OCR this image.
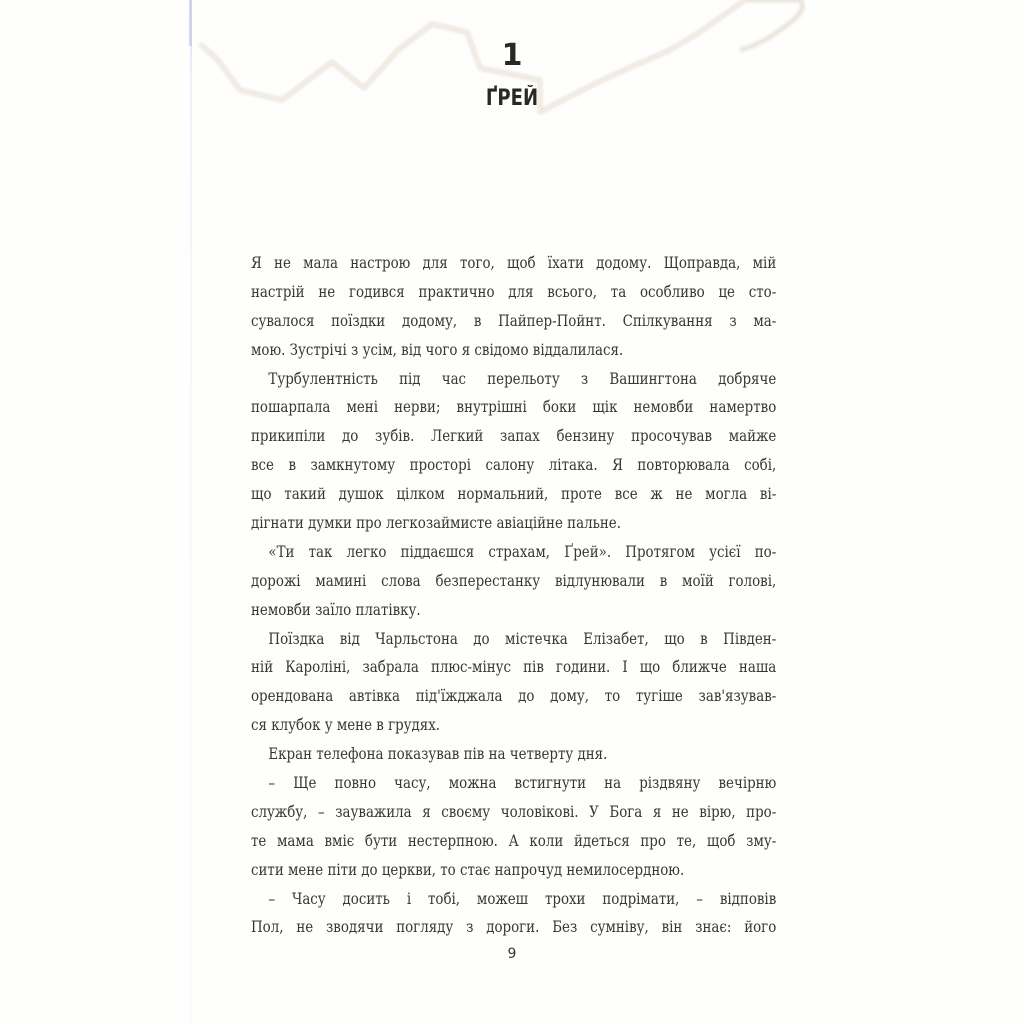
1
ҐРЕЙ
Я не мала настрою для того, щоб їхати додому. Щоправда, мій
настрій не годився практично для всього, та особливо це сто-
сувалося поїздки додому, в Пайпер-Пойнт. Спілкування з ма-
мою. Зустрічі з усім, від чого я свідомо віддалилася.
Турбулентність під час перельоту з Вашингтона добряче
пошарпала мені нерви; внутрішні боки щік немовби намертво
прикипіли до зубів. Легкий запах бензину просочував майже
все в замкнутому просторі салону літака. Я повторювала собі,
що такий душок цілком нормальний, проте все ж не могла ві-
дігнати думки про легкозаймисте авіаційне пальне.
«Ти так легко піддаєшся страхам, Ґрей». Протягом усієї по-
дорожі мамині слова безперестанку відлунювали в моїй голові,
немовби заїло платівку.
Поїздка від Чарльстона до містечка Елізабет, що в Півден-
ній Кароліні, забрала плюс-мінус пів години. І що ближче наша
орендована автівка під'їжджала до дому, то тугіше зав'язував-
ся клубок у мене в грудях.
Екран телефона показував пів на четверту дня.
– Ще повно часу, можна встигнути на різдвяну вечірню
службу, – зауважила я своєму чоловікові. У Бога я не вірю, про-
те мама вміє бути нестерпною. А коли йдеться про те, щоб зму-
сити мене піти до церкви, то стає напрочуд немилосердною.
– Часу досить і тобі, можеш трохи подрімати, – відповів
Пол, не зводячи погляду з дороги. Без сумніву, він знає: його
9
